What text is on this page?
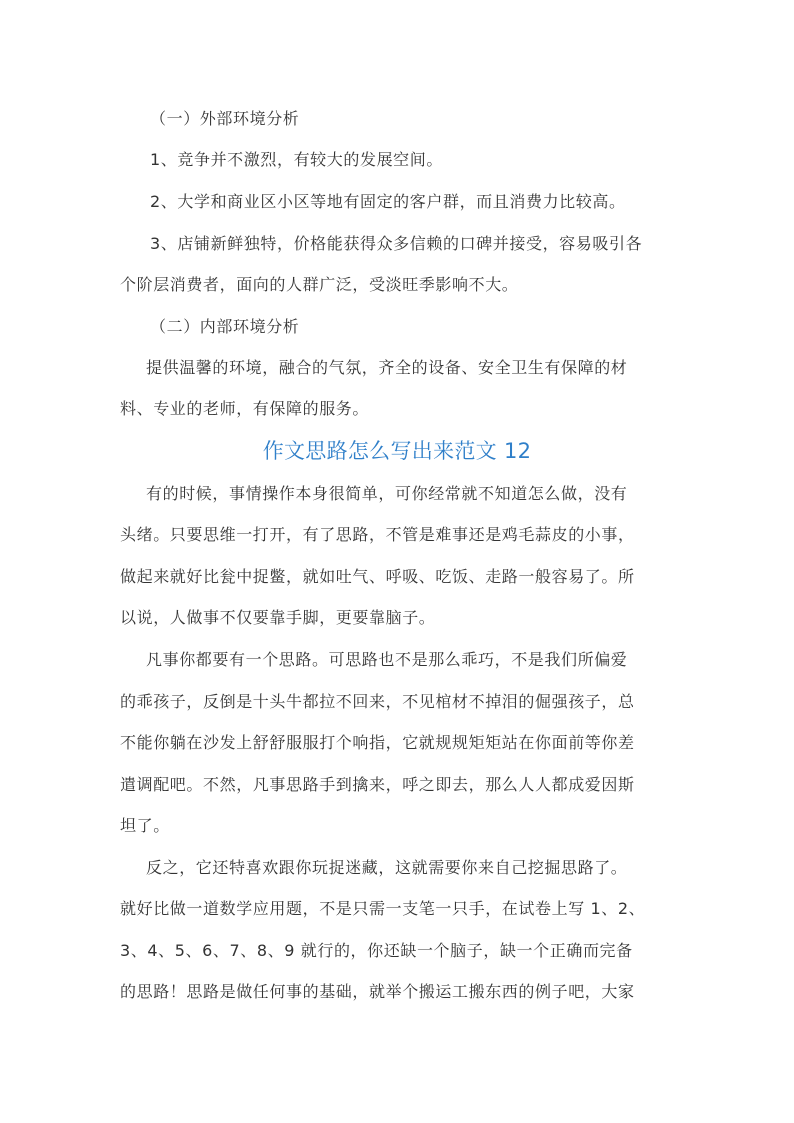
（一）外部环境分析
1、竞争并不激烈，有较大的发展空间。
2、大学和商业区小区等地有固定的客户群，而且消费力比较高。
3、店铺新鲜独特，价格能获得众多信赖的口碑并接受，容易吸引各
个阶层消费者，面向的人群广泛，受淡旺季影响不大。
（二）内部环境分析
提供温馨的环境，融合的气氛，齐全的设备、安全卫生有保障的材
料、专业的老师，有保障的服务。
作文思路怎么写出来范文 12
有的时候，事情操作本身很简单，可你经常就不知道怎么做，没有
头绪。只要思维一打开，有了思路，不管是难事还是鸡毛蒜皮的小事，
做起来就好比瓮中捉鳖，就如吐气、呼吸、吃饭、走路一般容易了。所
以说，人做事不仅要靠手脚，更要靠脑子。
凡事你都要有一个思路。可思路也不是那么乖巧，不是我们所偏爱
的乖孩子，反倒是十头牛都拉不回来，不见棺材不掉泪的倔强孩子，总
不能你躺在沙发上舒舒服服打个响指，它就规规矩矩站在你面前等你差
遣调配吧。不然，凡事思路手到擒来，呼之即去，那么人人都成爱因斯
坦了。
反之，它还特喜欢跟你玩捉迷藏，这就需要你来自己挖掘思路了。
就好比做一道数学应用题，不是只需一支笔一只手，在试卷上写 1、2、
3、4、5、6、7、8、9 就行的，你还缺一个脑子，缺一个正确而完备
的思路！思路是做任何事的基础，就举个搬运工搬东西的例子吧，大家
